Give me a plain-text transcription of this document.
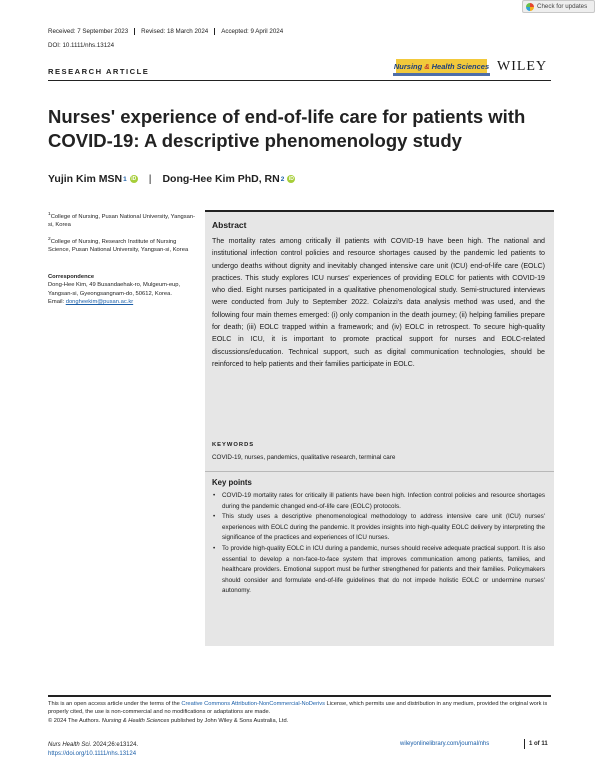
Check for updates
Received: 7 September 2023	Revised: 18 March 2024	Accepted: 9 April 2024
DOI: 10.1111/nhs.13124
RESEARCH ARTICLE
Nursing & Health Sciences WILEY
Nurses' experience of end-of-life care for patients with COVID-19: A descriptive phenomenology study
Yujin Kim MSN 1 iD | Dong-Hee Kim PhD, RN 2 iD
$^1$College of Nursing, Pusan National University, Yangsan-si, Korea
$^2$College of Nursing, Research Institute of Nursing Science, Pusan National University, Yangsan-si, Korea
Correspondence
Dong-Hee Kim, 49 Busandaehak-ro, Mulgeum-eup, Yangsan-si, Gyeongsangnam-do, 50612, Korea.
Email: dongheekim@pusan.ac.kr
Abstract

The mortality rates among critically ill patients with COVID-19 have been high. The national and institutional infection control policies and resource shortages caused by the pandemic led patients to undergo deaths without dignity and inevitably changed intensive care unit (ICU) end-of-life care (EOLC) practices. This study explores ICU nurses' experiences of providing EOLC for patients with COVID-19 who died. Eight nurses participated in a qualitative phenomenological study. Semi-structured interviews were conducted from July to September 2022. Colaizzi's data analysis method was used, and the following four main themes emerged: (i) only companion in the death journey; (ii) helping families prepare for death; (iii) EOLC trapped within a framework; and (iv) EOLC in retrospect. To secure high-quality EOLC in ICU, it is important to promote practical support for nurses and EOLC-related discussions/education. Technical support, such as digital communication technologies, should be reinforced to help patients and their families participate in EOLC.

KEYWORDS
COVID-19, nurses, pandemics, qualitative research, terminal care
Key points
• COVID-19 mortality rates for critically ill patients have been high. Infection control policies and resource shortages during the pandemic changed end-of-life care (EOLC) protocols.
• This study uses a descriptive phenomenological methodology to address intensive care unit (ICU) nurses' experiences with EOLC during the pandemic. It provides insights into high-quality EOLC delivery by interpreting the significance of the practices and experiences of ICU nurses.
• To provide high-quality EOLC in ICU during a pandemic, nurses should receive adequate practical support. It is also essential to develop a non-face-to-face system that improves communication among patients, families, and healthcare providers. Emotional support must be further strengthened for patients and their families. Policymakers should consider and formulate end-of-life guidelines that do not impede holistic EOLC or undermine nurses' autonomy.
This is an open access article under the terms of the Creative Commons Attribution-NonCommercial-NoDerivs License, which permits use and distribution in any medium, provided the original work is properly cited, the use is non-commercial and no modifications or adaptations are made.
© 2024 The Authors. Nursing & Health Sciences published by John Wiley & Sons Australia, Ltd.
Nurs Health Sci. 2024;26:e13124.
https://doi.org/10.1111/nhs.13124
wileyonlinelibrary.com/journal/nhs	1 of 11
